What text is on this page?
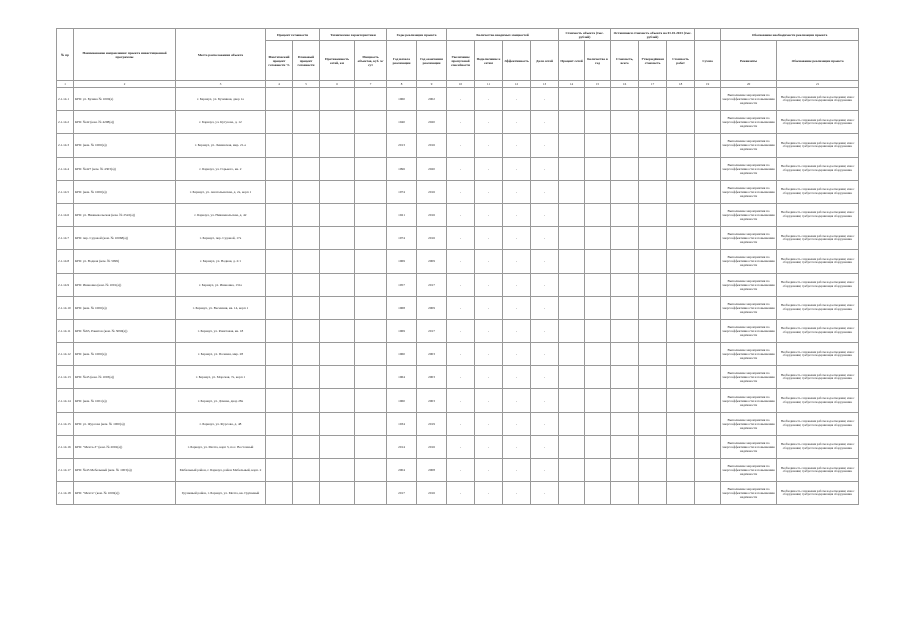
№ пр	Наименование направления/ проекта инвестиционной программы	Место расположения объекта	Процент готовности		Технические характеристики		Годы реализации проекта		Количество вводимых мощностей				Стоимость объекта (тыс. рублей)		Оставшаяся стоимость объекта на 01.01.2023 (тыс. рублей)				Обоснование необходимости реализации проекта	
			Фактический процент готовности %	Плановый процент готовности	Протяженность сетей, км	Мощность объектов, куб. м/сут	Год начала реализации	Год окончания реализации	Увеличение пропускной способности	Подключение к сетям	Эффективность	Доля сетей	Процент сетей	Количество в год	Стоимость, всего	Утверждённая стоимость	Стоимость работ	Сумма	Реквизиты	Обоснование реализации проекта
1	2	3	4	5	6	7	8	9	10	11	12	13	14	15	16	17	18	19	20	21
2.1.14.1	КНС ул. Бузина № 1000(а)	г. Барнаул, ул. Бузинная, двор 1а					1960	2002	-	-	-	-							Выполнение мероприятия по энергоэффективности и повышению надёжности	Необходимость сохранения работы водоотведения; износ оборудования; требуется модернизация оборудования.
2.1.14.2	КНС №42 (ком. № 4208(а))	г. Барнаул, ул. Кутузова, д. 12					1940	2020	-	-	-	-							Выполнение мероприятия по энергоэффективности и повышению надёжности	Необходимость сохранения работы водоотведения; износ оборудования; требуется модернизация оборудования.
2.1.14.3	КНС (ком. № 1000(а))	г. Барнаул, ул. Ленинская, мкр. 21-а					2013	2016	-	-	-	-							Выполнение мероприятия по энергоэффективности и повышению надёжности	Необходимость сохранения работы водоотведения; износ оборудования; требуется модернизация оборудования.
2.1.14.4	КНС №427 (ком. № 4303(а))	г. Барнаул, ул. Горького, кв. 2					1996	2020	-	-	-	-							Выполнение мероприятия по энергоэффективности и повышению надёжности	Необходимость сохранения работы водоотведения; износ оборудования; требуется модернизация оборудования.
2.1.14.5	КНС (ком. № 1000(а))	г. Барнаул, ул. Анатольевская, д. 2а, корп 1					1974	2016	-	-	-	-							Выполнение мероприятия по энергоэффективности и повышению надёжности	Необходимость сохранения работы водоотведения; износ оборудования; требуется модернизация оборудования.
2.1.14.6	КНС ул. Нижневольская (ком. № 2522(а))	г. Барнаул, ул. Нижневольская, д. 42					1921	2016	-	-	-	-							Выполнение мероприятия по энергоэффективности и повышению надёжности	Необходимость сохранения работы водоотведения; износ оборудования; требуется модернизация оборудования.
2.1.14.7	КНС пер. Судовой (ком. № 10068(а))	г. Барнаул, пер. Судовой, 17а					1974	2016	-	-	-	-							Выполнение мероприятия по энергоэффективности и повышению надёжности	Необходимость сохранения работы водоотведения; износ оборудования; требуется модернизация оборудования.
2.1.14.8	КНС ул. Водная (ком. № 5999)	г. Барнаул, ул. Водная, д. 2/1					1969	2009	-	-	-	-							Выполнение мероприятия по энергоэффективности и повышению надёжности	Необходимость сохранения работы водоотведения; износ оборудования; требуется модернизация оборудования.
2.1.14.9	КНС Ивановка (ком. № 1001(а))	г. Барнаул, ул. Ивановка, 131а					1957	2017	-	-	-	-							Выполнение мероприятия по энергоэффективности и повышению надёжности	Необходимость сохранения работы водоотведения; износ оборудования; требуется модернизация оборудования.
2.1.14.10	КНС (ком. № 1000(а))	г. Барнаул, ул. Весенняя, кв. 14, корп 1					1968	2009	-	-	-	-							Выполнение мероприятия по энергоэффективности и повышению надёжности	Необходимость сохранения работы водоотведения; износ оборудования; требуется модернизация оборудования.
2.1.14.11	КНС №63, Ракитов (ком. № 3090(а))	г. Барнаул, ул. Ракитовая, кв. 18					1969	2017	-	-	-	-							Выполнение мероприятия по энергоэффективности и повышению надёжности	Необходимость сохранения работы водоотведения; износ оборудования; требуется модернизация оборудования.
2.1.14.12	КНС (ком. № 1000(а))	г. Барнаул, ул. Полевая, мкр. 28					1960	2003	-	-	-	-							Выполнение мероприятия по энергоэффективности и повышению надёжности	Необходимость сохранения работы водоотведения; износ оборудования; требуется модернизация оборудования.
2.1.14.13	КНС №45 (ком. № 1003(а))	г. Барнаул, ул. Морская, 7а, корп 1					1964	2003	-	-	-	-							Выполнение мероприятия по энергоэффективности и повышению надёжности	Необходимость сохранения работы водоотведения; износ оборудования; требуется модернизация оборудования.
2.1.14.14	КНС (ком. № 1001(а))	г. Барнаул, ул. Дачная, двор 28а					1960	2003	-	-	-	-							Выполнение мероприятия по энергоэффективности и повышению надёжности	Необходимость сохранения работы водоотведения; износ оборудования; требуется модернизация оборудования.
2.1.14.15	КНС ул. Фурсова (ком. № 1000(а))	г. Барнаул, ул. Фурсова, д. 48					1934	2019	-	-	-	-							Выполнение мероприятия по энергоэффективности и повышению надёжности	Необходимость сохранения работы водоотведения; износ оборудования; требуется модернизация оборудования.
2.1.14.16	КНС "Мечта-3" (ком. № 2002(а))	г. Барнаул, ул. Мечта, корп 3, пос. Восточный					2014	2016	-	-	-	-							Выполнение мероприятия по энергоэффективности и повышению надёжности	Необходимость сохранения работы водоотведения; износ оборудования; требуется модернизация оборудования.
2.1.14.17	КНС №43 Мебельный (ком. № 1003(а))	Мебельный район, г. Барнаул, район Мебельный, корп. 2					2004	2008	-	-	-	-							Выполнение мероприятия по энергоэффективности и повышению надёжности	Необходимость сохранения работы водоотведения; износ оборудования; требуется модернизация оборудования.
2.1.14.18	КНС "Мечта" (ком. № 1000(а))	Грушевый район, г. Барнаул, ул. Мечта, кв. Грушевый					2017	2016	-	-	-	-							Выполнение мероприятия по энергоэффективности и повышению надёжности	Необходимость сохранения работы водоотведения; износ оборудования; требуется модернизация оборудования.
